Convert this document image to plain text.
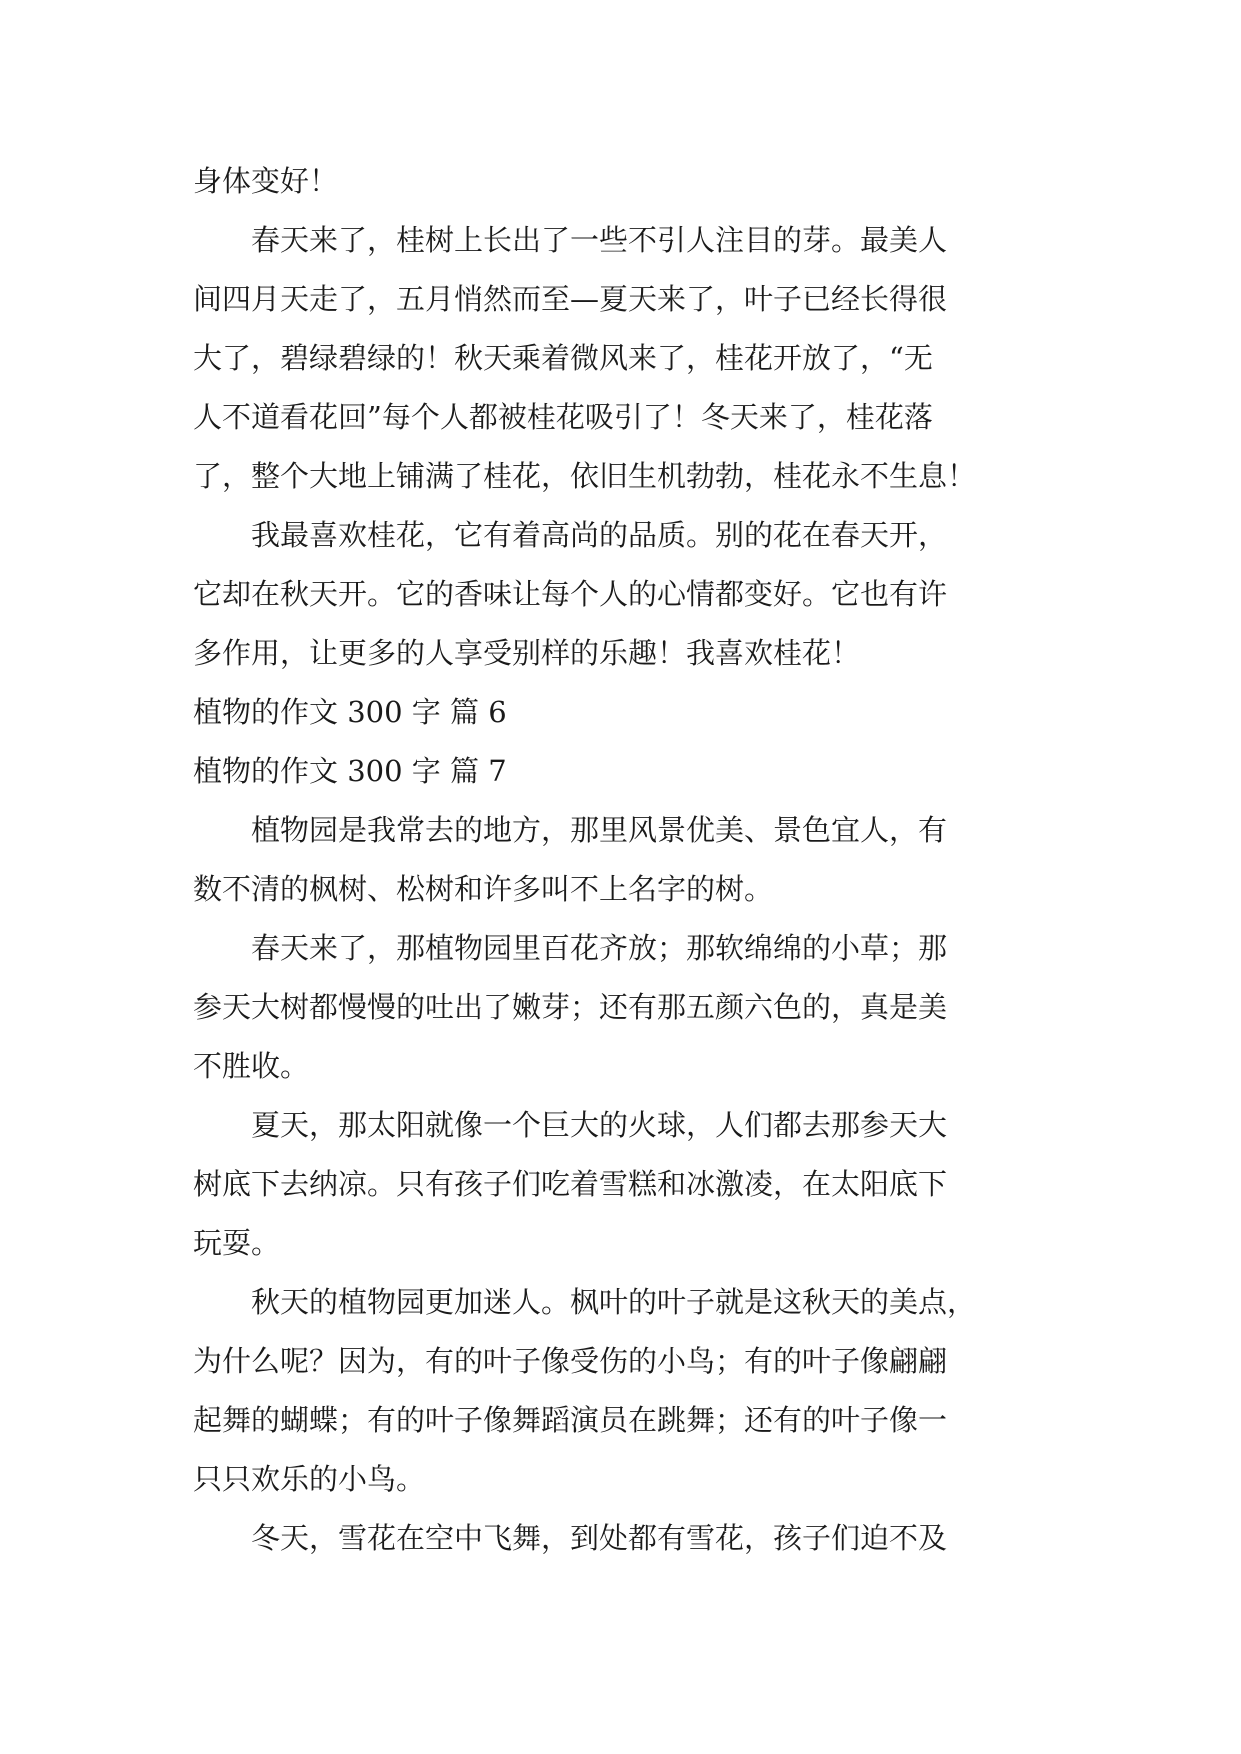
身体变好！
春天来了，桂树上长出了一些不引人注目的芽。最美人
间四月天走了，五月悄然而至—夏天来了，叶子已经长得很
大了，碧绿碧绿的！秋天乘着微风来了，桂花开放了，“无
人不道看花回”每个人都被桂花吸引了！冬天来了，桂花落
了，整个大地上铺满了桂花，依旧生机勃勃，桂花永不生息！
我最喜欢桂花，它有着高尚的品质。别的花在春天开，
它却在秋天开。它的香味让每个人的心情都变好。它也有许
多作用，让更多的人享受别样的乐趣！我喜欢桂花！
植物的作文 300 字 篇 6
植物的作文 300 字 篇 7
植物园是我常去的地方，那里风景优美、景色宜人，有
数不清的枫树、松树和许多叫不上名字的树。
春天来了，那植物园里百花齐放；那软绵绵的小草；那
参天大树都慢慢的吐出了嫩芽；还有那五颜六色的，真是美
不胜收。
夏天，那太阳就像一个巨大的火球，人们都去那参天大
树底下去纳凉。只有孩子们吃着雪糕和冰激凌，在太阳底下
玩耍。
秋天的植物园更加迷人。枫叶的叶子就是这秋天的美点，
为什么呢？因为，有的叶子像受伤的小鸟；有的叶子像翩翩
起舞的蝴蝶；有的叶子像舞蹈演员在跳舞；还有的叶子像一
只只欢乐的小鸟。
冬天，雪花在空中飞舞，到处都有雪花，孩子们迫不及
